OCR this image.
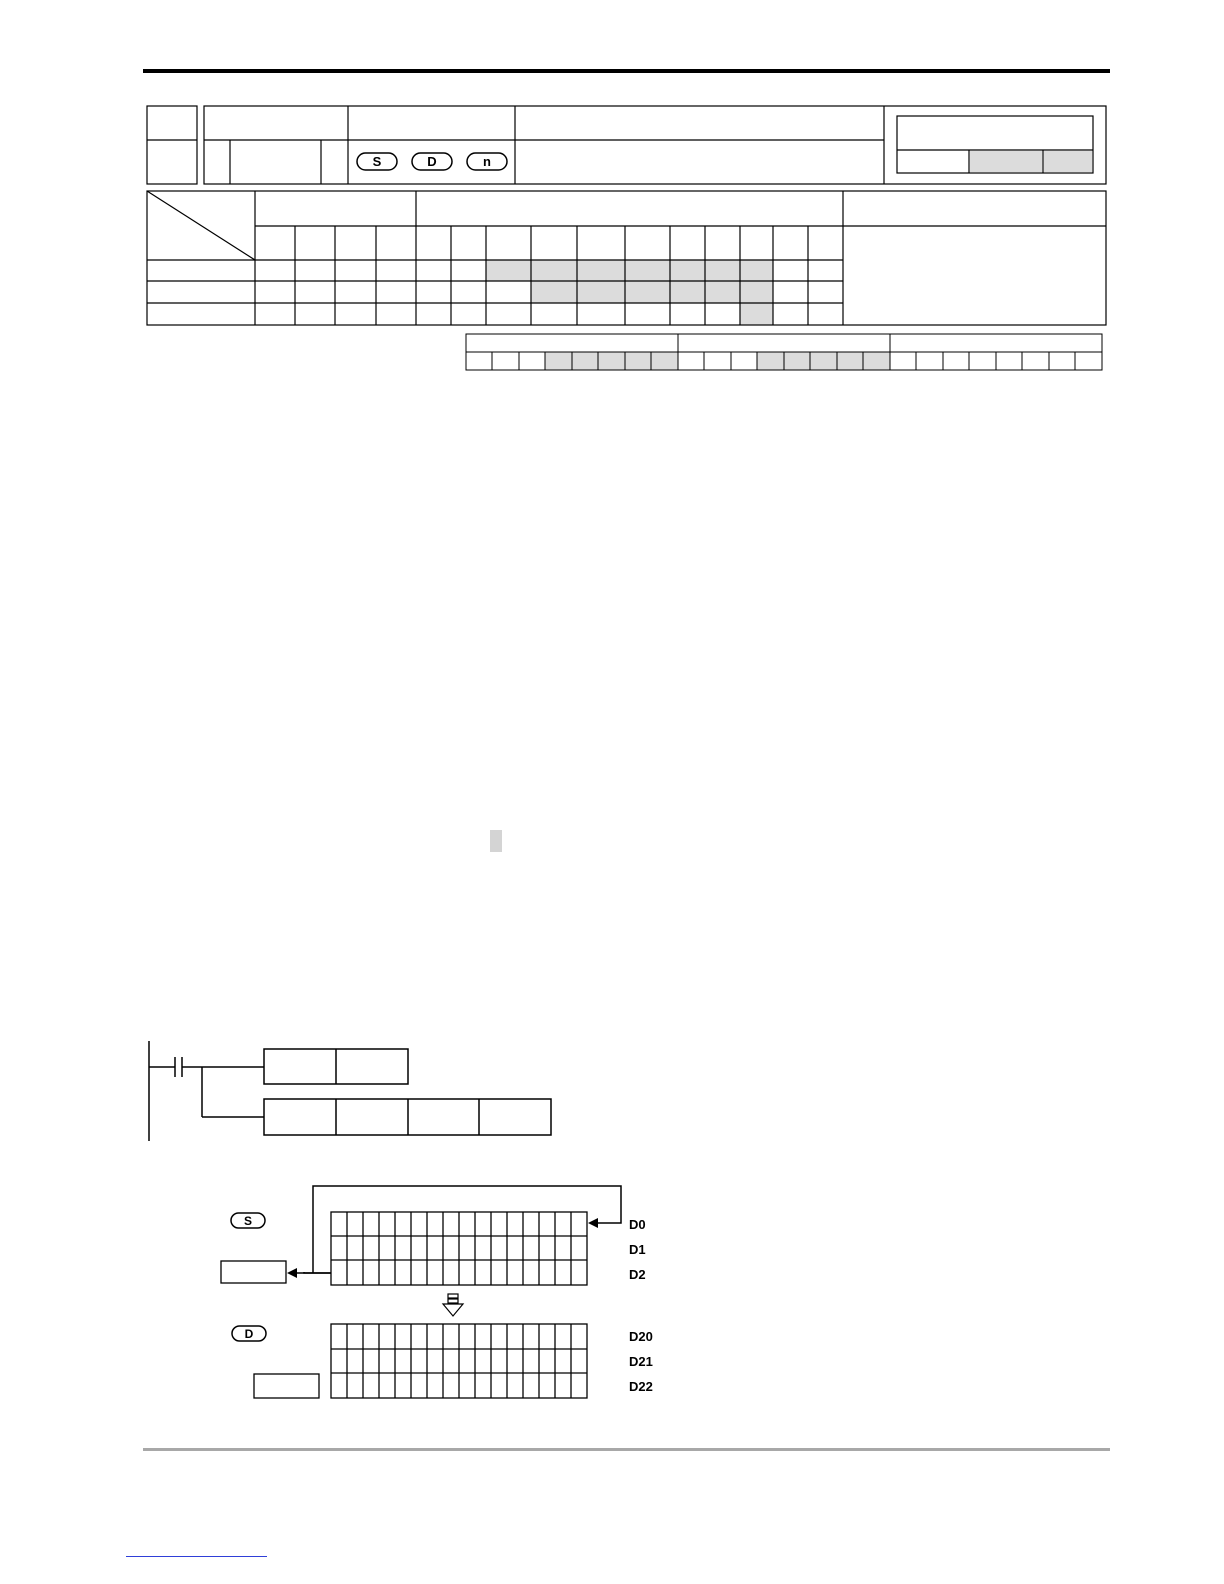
S	D	n
S
D
D0
D1
D2
D20
D21
D22
